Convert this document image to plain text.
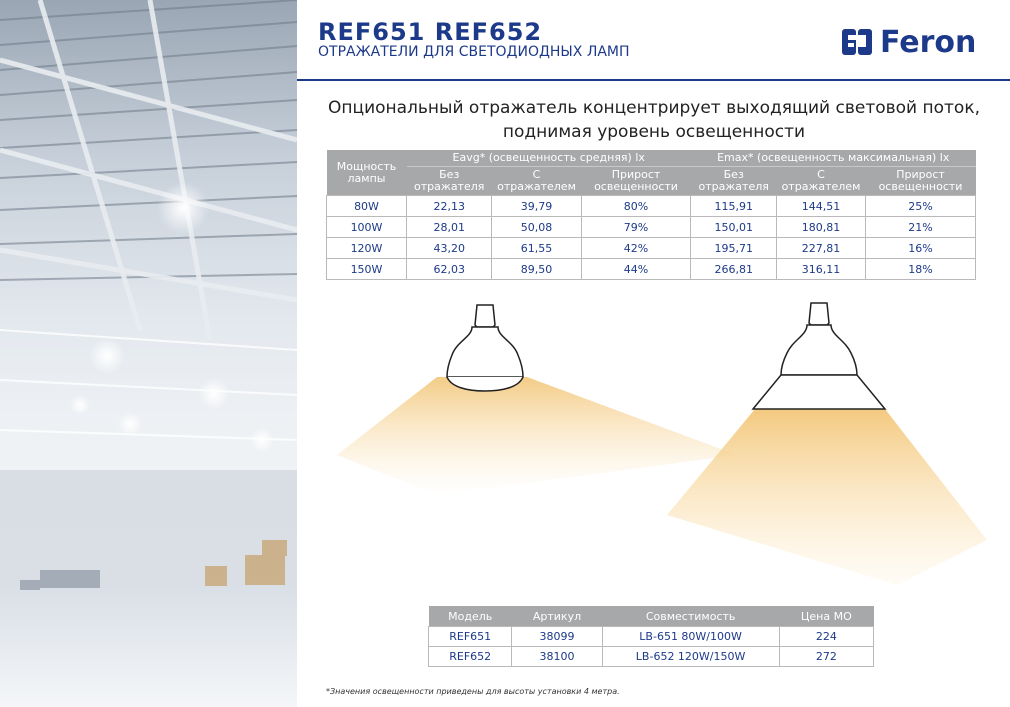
REF651 REF652
ОТРАЖАТЕЛИ ДЛЯ СВЕТОДИОДНЫХ ЛАМП	Feron
Опциональный отражатель концентрирует выходящий световой поток,
поднимая уровень освещенности
Мощность лампы	Eavg* (освещенность средняя) lx			Emax* (освещенность максимальная) lx		
	Без отражателя	С отражателем	Прирост освещенности	Без отражателя	С отражателем	Прирост освещенности
80W	22,13	39,79	80%	115,91	144,51	25%
100W	28,01	50,08	79%	150,01	180,81	21%
120W	43,20	61,55	42%	195,71	227,81	16%
150W	62,03	89,50	44%	266,81	316,11	18%
Модель	Артикул	Совместимость	Цена МО
REF651	38099	LB-651 80W/100W	224
REF652	38100	LB-652 120W/150W	272
*Значения освещенности приведены для высоты установки 4 метра.
